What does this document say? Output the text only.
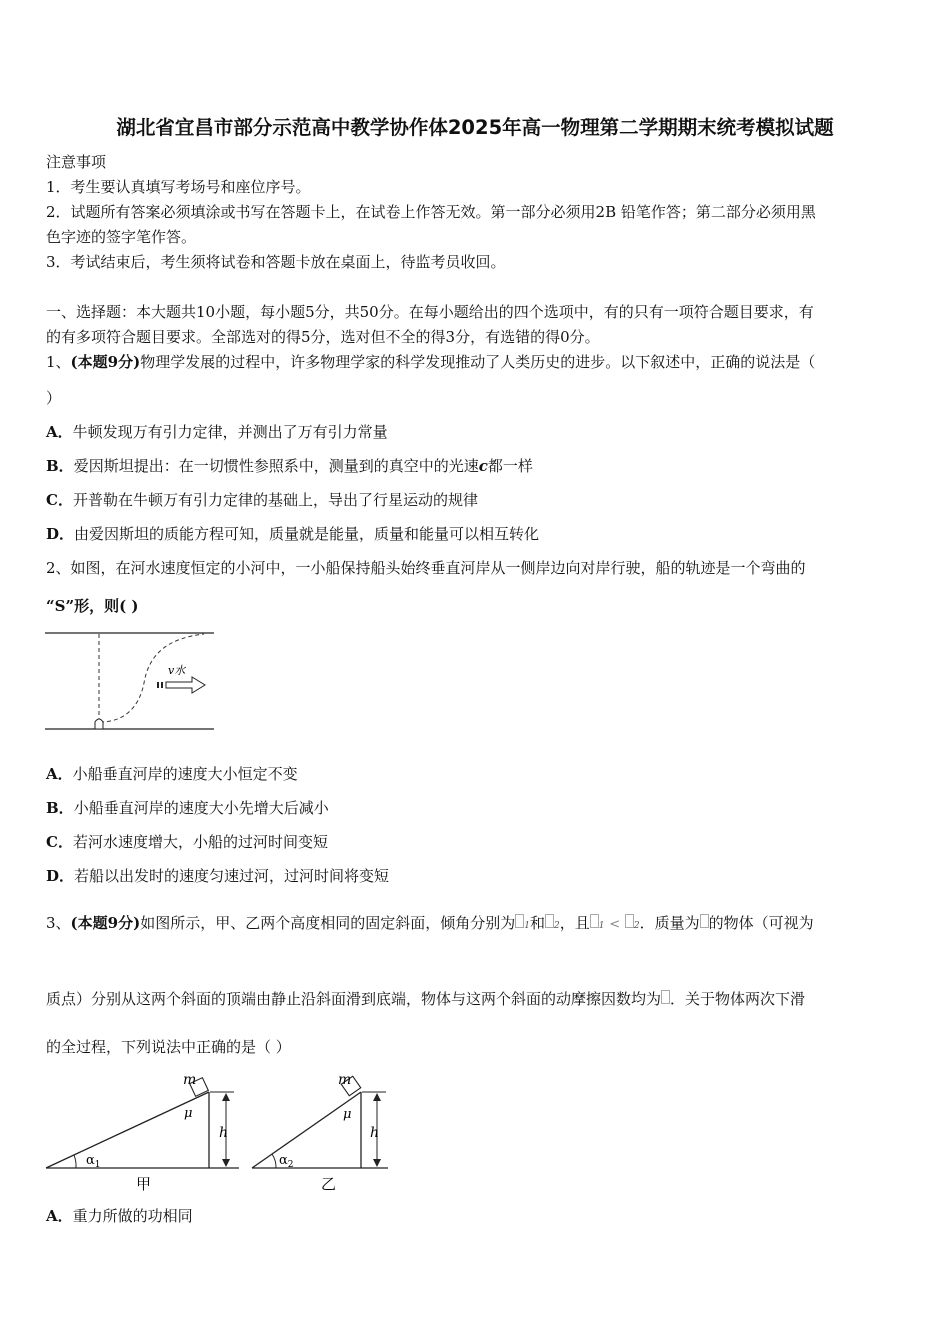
湖北省宜昌市部分示范高中教学协作体2025年高一物理第二学期期末统考模拟试题
注意事项
1．考生要认真填写考场号和座位序号。
2．试题所有答案必须填涂或书写在答题卡上，在试卷上作答无效。第一部分必须用2B 铅笔作答；第二部分必须用黑
色字迹的签字笔作答。
3．考试结束后，考生须将试卷和答题卡放在桌面上，待监考员收回。
一、选择题：本大题共10小题，每小题5分，共50分。在每小题给出的四个选项中，有的只有一项符合题目要求，有
的有多项符合题目要求。全部选对的得5分，选对但不全的得3分，有选错的得0分。
1、(本题9分)物理学发展的过程中，许多物理学家的科学发现推动了人类历史的进步。以下叙述中，正确的说法是（
）
A．牛顿发现万有引力定律，并测出了万有引力常量
B．爱因斯坦提出：在一切惯性参照系中，测量到的真空中的光速c都一样
C．开普勒在牛顿万有引力定律的基础上，导出了行星运动的规律
D．由爱因斯坦的质能方程可知，质量就是能量，质量和能量可以相互转化
2、如图，在河水速度恒定的小河中，一小船保持船头始终垂直河岸从一侧岸边向对岸行驶，船的轨迹是一个弯曲的
“S”形，则( )
v水
A．小船垂直河岸的速度大小恒定不变
B．小船垂直河岸的速度大小先增大后减小
C．若河水速度增大，小船的过河时间变短
D．若船以出发时的速度匀速过河，过河时间将变短
3、(本题9分)如图所示，甲、乙两个高度相同的固定斜面，倾角分别为 1和 2，且 1 < 2．质量为 的物体（可视为
质点）分别从这两个斜面的顶端由静止沿斜面滑到底端，物体与这两个斜面的动摩擦因数均为 ．关于物体两次下滑
的全过程，下列说法中正确的是（ ）
m
μ
h
$\alpha_1$
甲
m
μ
h
$\alpha_2$
乙
A．重力所做的功相同
